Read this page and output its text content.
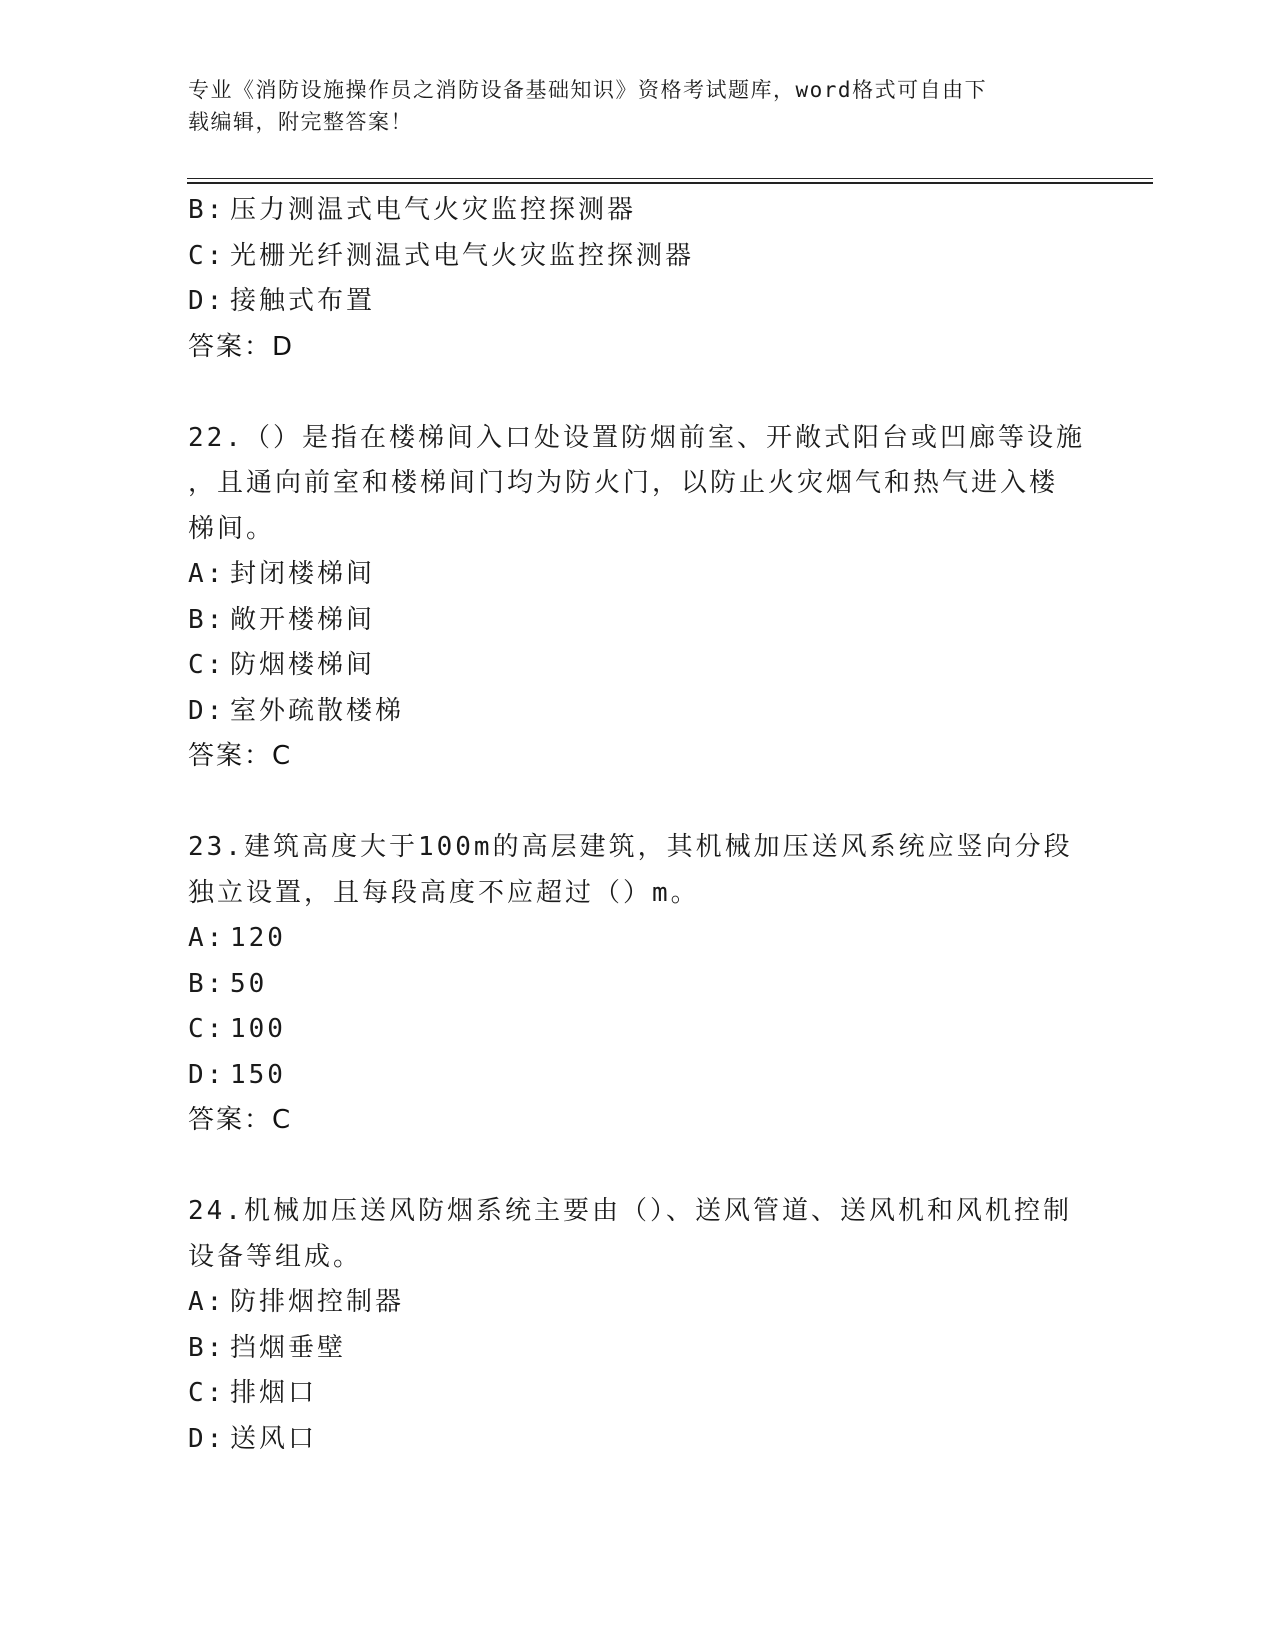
专业《消防设施操作员之消防设备基础知识》资格考试题库，word格式可自由下
载编辑，附完整答案！
B: 压力测温式电气火灾监控探测器
C: 光栅光纤测温式电气火灾监控探测器
D: 接触式布置
答案：D
22.（）是指在楼梯间入口处设置防烟前室、开敞式阳台或凹廊等设施
，且通向前室和楼梯间门均为防火门，以防止火灾烟气和热气进入楼
梯间。
A: 封闭楼梯间
B: 敞开楼梯间
C: 防烟楼梯间
D: 室外疏散楼梯
答案：C
23.建筑高度大于100m的高层建筑，其机械加压送风系统应竖向分段
独立设置，且每段高度不应超过（）m。
A: 120
B: 50
C: 100
D: 150
答案：C
24.机械加压送风防烟系统主要由（）、送风管道、送风机和风机控制
设备等组成。
A: 防排烟控制器
B: 挡烟垂壁
C: 排烟口
D: 送风口
